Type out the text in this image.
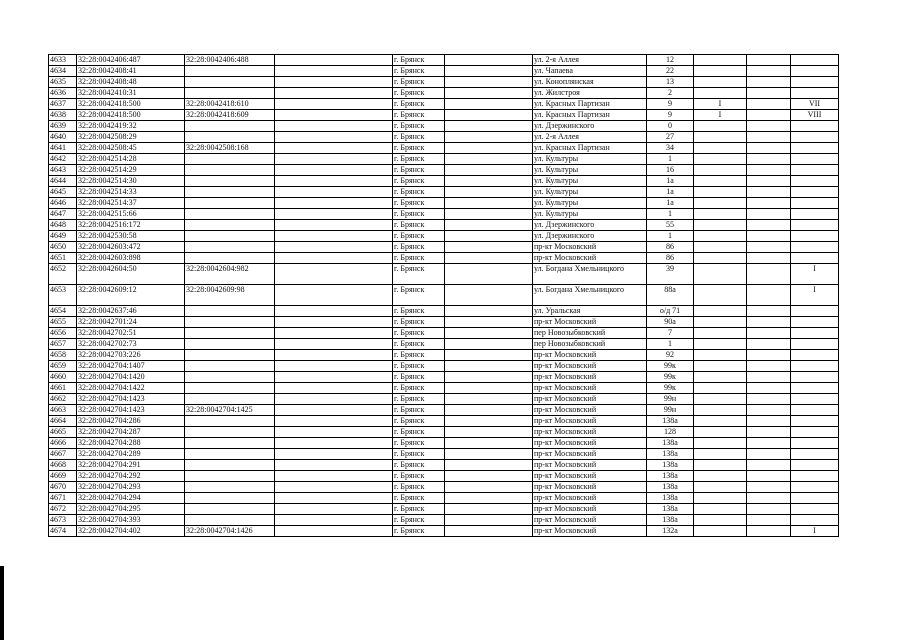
4633	32:28:0042406:487	32:28:0042406:488		г. Брянск		ул. 2-я Аллея	12			
4634	32:28:0042408:41			г. Брянск		ул. Чапаева	22			
4635	32:28:0042408:48			г. Брянск		ул. Коноплянская	13			
4636	32:28:0042410:31			г. Брянск		ул. Жилстроя	2			
4637	32:28:0042418:500	32:28:0042418:610		г. Брянск		ул. Красных Партизан	9	I		VII
4638	32:28:0042418:500	32:28:0042418:609		г. Брянск		ул. Красных Партизан	9	I		VIII
4639	32:28:0042419:32			г. Брянск		ул. Дзержинского	0			
4640	32:28:0042508:29			г. Брянск		ул. 2-я Аллея	27			
4641	32:28:0042508:45	32:28:0042508:168		г. Брянск		ул. Красных Партизан	34			
4642	32:28:0042514:28			г. Брянск		ул. Культуры	1			
4643	32:28:0042514:29			г. Брянск		ул. Культуры	16			
4644	32:28:0042514:30			г. Брянск		ул. Культуры	1а			
4645	32:28:0042514:33			г. Брянск		ул. Культуры	1а			
4646	32:28:0042514:37			г. Брянск		ул. Культуры	1а			
4647	32:28:0042515:66			г. Брянск		ул. Культуры	1			
4648	32:28:0042516:172			г. Брянск		ул. Дзержинского	55			
4649	32:28:0042530:58			г. Брянск		ул. Дзержинского	1			
4650	32:28:0042603:472			г. Брянск		пр-кт Московский	86			
4651	32:28:0042603:898			г. Брянск		пр-кт Московский	86			
4652	32:28:0042604:50	32:28:0042604:982		г. Брянск		ул. Богдана Хмельницкого	39			I
4653	32:28:0042609:12	32:28:0042609:98		г. Брянск		ул. Богдана Хмельницкого	88а			I
4654	32:28:0042637:46			г. Брянск		ул. Уральская	о/д 71			
4655	32:28:0042701:24			г. Брянск		пр-кт Московский	90а			
4656	32:28:0042702:51			г. Брянск		пер Новозыбковский	7			
4657	32:28:0042702:73			г. Брянск		пер Новозыбковский	1			
4658	32:28:0042703:226			г. Брянск		пр-кт Московский	92			
4659	32:28:0042704:1407			г. Брянск		пр-кт Московский	99к			
4660	32:28:0042704:1420			г. Брянск		пр-кт Московский	99к			
4661	32:28:0042704:1422			г. Брянск		пр-кт Московский	99к			
4662	32:28:0042704:1423			г. Брянск		пр-кт Московский	99н			
4663	32:28:0042704:1423	32:28:0042704:1425		г. Брянск		пр-кт Московский	99н			
4664	32:28:0042704:286			г. Брянск		пр-кт Московский	138а			
4665	32:28:0042704:287			г. Брянск		пр-кт Московский	128			
4666	32:28:0042704:288			г. Брянск		пр-кт Московский	138а			
4667	32:28:0042704:289			г. Брянск		пр-кт Московский	138а			
4668	32:28:0042704:291			г. Брянск		пр-кт Московский	138а			
4669	32:28:0042704:292			г. Брянск		пр-кт Московский	138а			
4670	32:28:0042704:293			г. Брянск		пр-кт Московский	138а			
4671	32:28:0042704:294			г. Брянск		пр-кт Московский	138а			
4672	32:28:0042704:295			г. Брянск		пр-кт Московский	138а			
4673	32:28:0042704:393			г. Брянск		пр-кт Московский	138а			
4674	32:28:0042704:402	32:28:0042704:1426		г. Брянск		пр-кт Московский	132а			I
